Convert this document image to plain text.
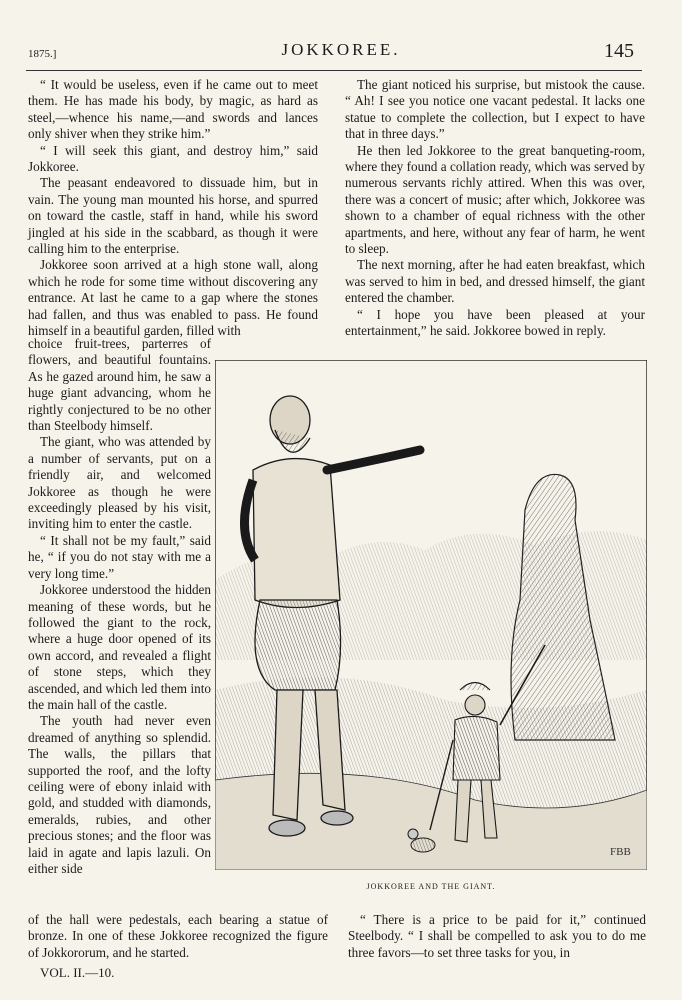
1875.]	JOKKOREE.	145

“ It would be useless, even if he came out to meet them. He has made his body, by magic, as hard as steel,—whence his name,—and swords and lances only shiver when they strike him.”

“ I will seek this giant, and destroy him,” said Jokkoree.

The peasant endeavored to dissuade him, but in vain. The young man mounted his horse, and spurred on toward the castle, staff in hand, while his sword jingled at his side in the scabbard, as though it were calling him to the enterprise.

Jokkoree soon arrived at a high stone wall, along which he rode for some time without discovering any entrance. At last he came to a gap where the stones had fallen, and thus was enabled to pass. He found himself in a beautiful garden, filled with

choice fruit-trees, parterres of flowers, and beautiful fountains. As he gazed around him, he saw a huge giant advancing, whom he rightly conjectured to be no other than Steelbody himself.

The giant, who was attended by a number of servants, put on a friendly air, and welcomed Jokkoree as though he were exceedingly pleased by his visit, inviting him to enter the castle.

“ It shall not be my fault,” said he, “ if you do not stay with me a very long time.”

Jokkoree understood the hidden meaning of these words, but he followed the giant to the rock, where a huge door opened of its own accord, and revealed a flight of stone steps, which they ascended, and which led them into the main hall of the castle.

The youth had never even dreamed of anything so splendid. The walls, the pillars that supported the roof, and the lofty ceiling were of ebony inlaid with gold, and studded with diamonds, emeralds, rubies, and other precious stones; and the floor was laid in agate and lapis lazuli. On either side

The giant noticed his surprise, but mistook the cause. “ Ah! I see you notice one vacant pedestal. It lacks one statue to complete the collection, but I expect to have that in three days.”

He then led Jokkoree to the great banqueting-room, where they found a collation ready, which was served by numerous servants richly attired. When this was over, there was a concert of music; after which, Jokkoree was shown to a chamber of equal richness with the other apartments, and here, without any fear of harm, he went to sleep.

The next morning, after he had eaten breakfast, which was served to him in bed, and dressed himself, the giant entered the chamber.

“ I hope you have been pleased at your entertainment,” he said. Jokkoree bowed in reply.

FBB
JOKKOREE AND THE GIANT.

of the hall were pedestals, each bearing a statue of bronze. In one of these Jokkoree recognized the figure of Jokkororum, and he started.

“ There is a price to be paid for it,” continued Steelbody. “ I shall be compelled to ask you to do me three favors—to set three tasks for you, in

VOL. II.—10.
